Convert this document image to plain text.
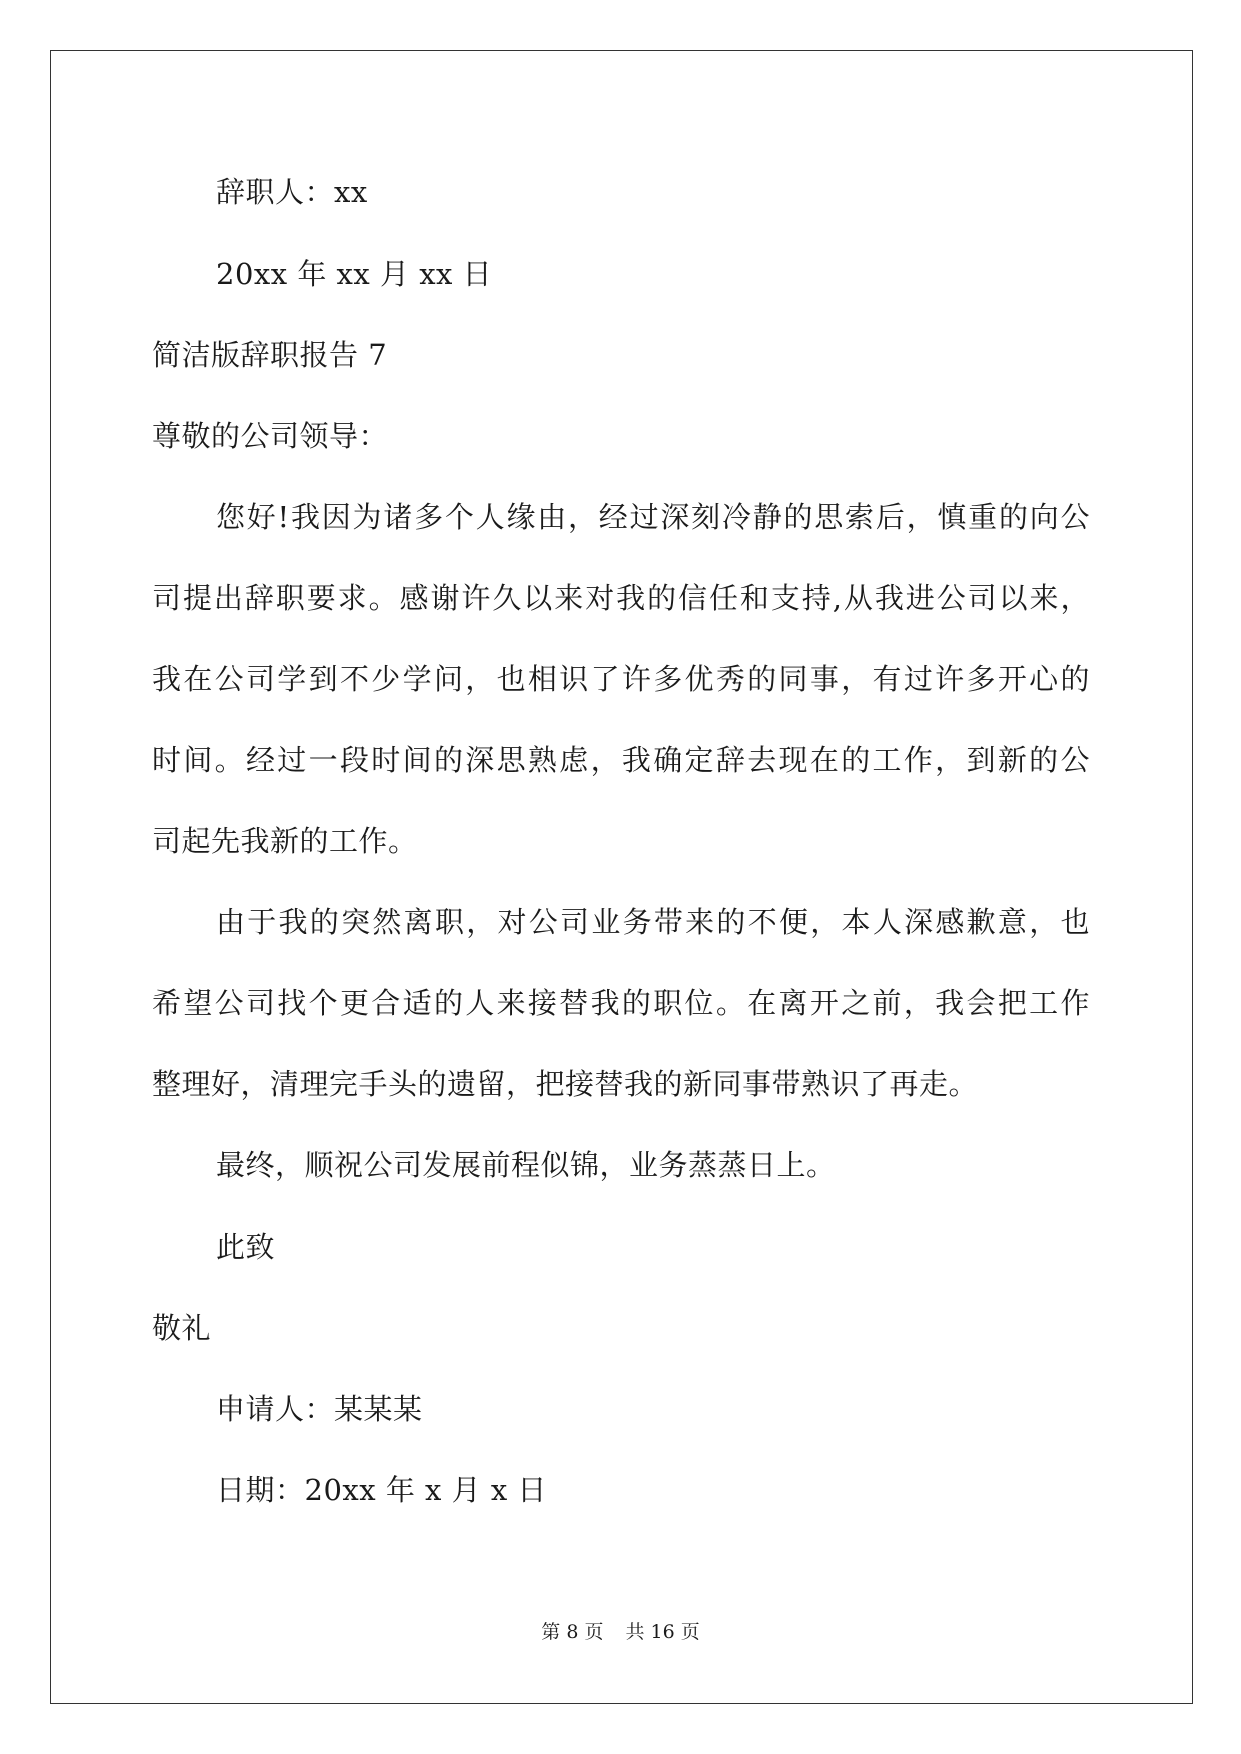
辞职人：xx
20xx 年 xx 月 xx 日
简洁版辞职报告 7
尊敬的公司领导：
您好!我因为诸多个人缘由，经过深刻冷静的思索后，慎重的向公
司提出辞职要求。感谢许久以来对我的信任和支持,从我进公司以来，
我在公司学到不少学问，也相识了许多优秀的同事，有过许多开心的
时间。经过一段时间的深思熟虑，我确定辞去现在的工作，到新的公
司起先我新的工作。
由于我的突然离职，对公司业务带来的不便，本人深感歉意，也
希望公司找个更合适的人来接替我的职位。在离开之前，我会把工作
整理好，清理完手头的遗留，把接替我的新同事带熟识了再走。
最终，顺祝公司发展前程似锦，业务蒸蒸日上。
此致
敬礼
申请人：某某某
日期：20xx 年 x 月 x 日
第 8 页 共 16 页
